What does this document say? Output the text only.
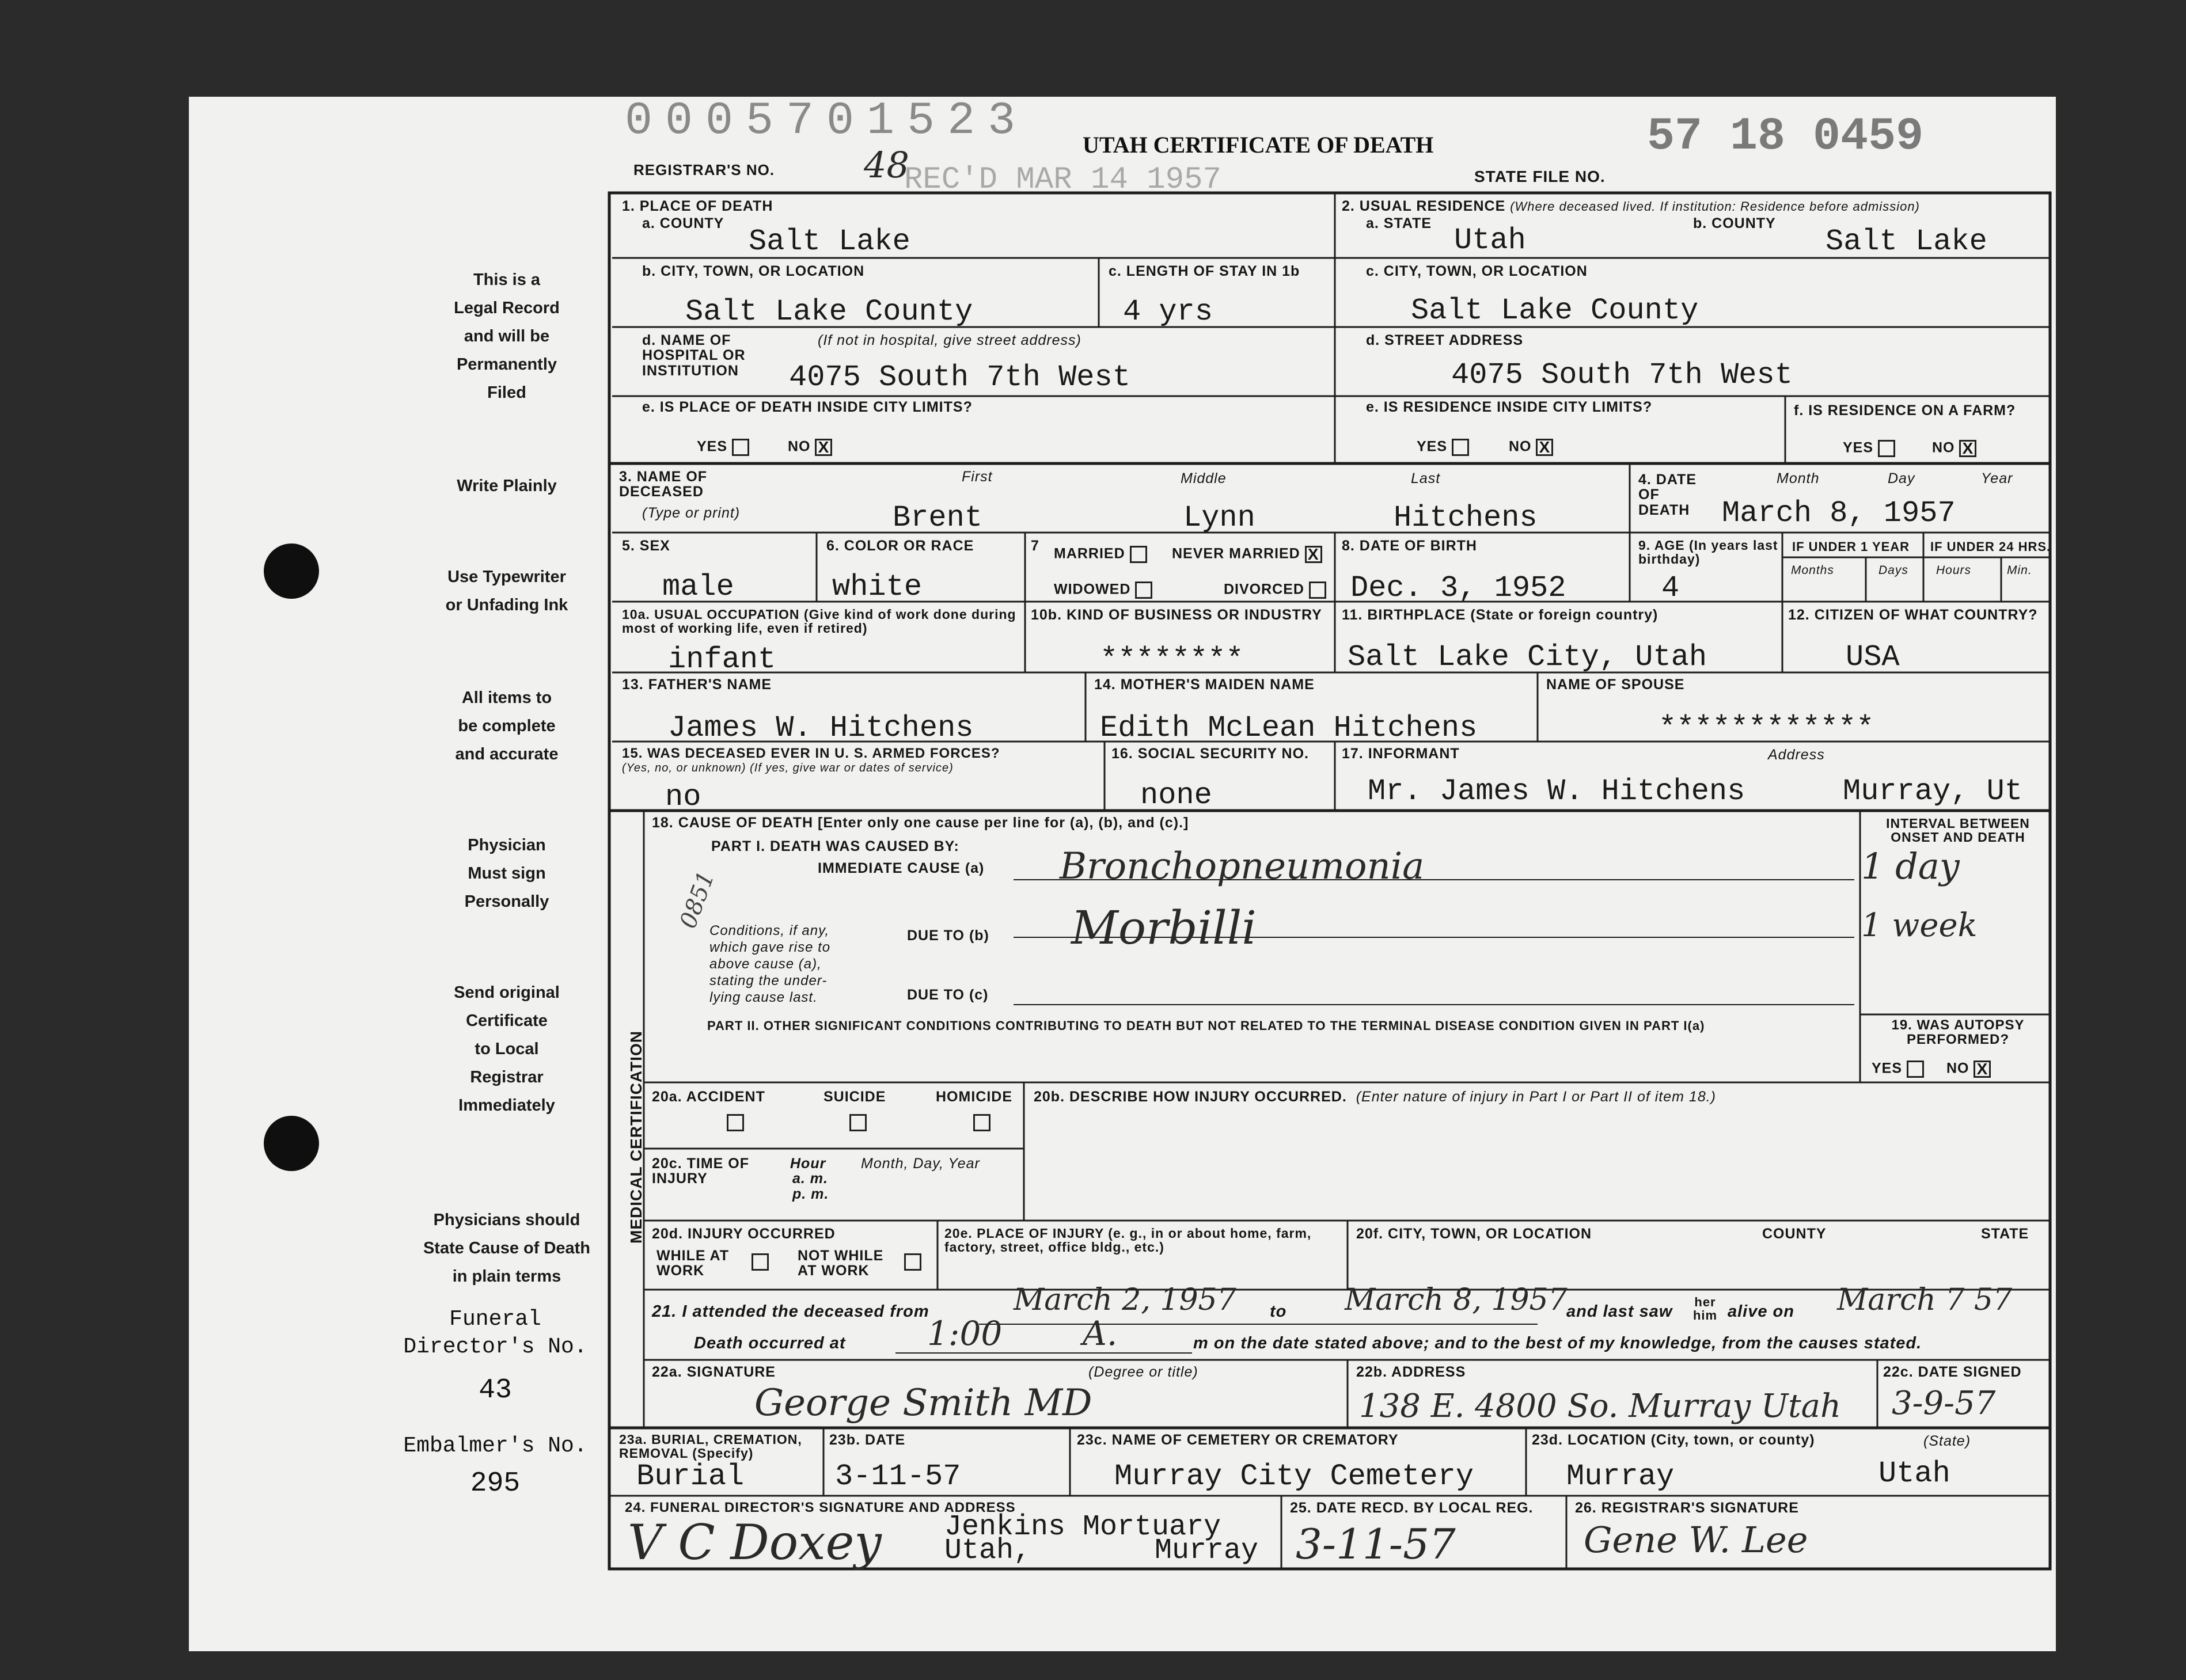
0005701523 UTAH CERTIFICATE OF DEATH	57 18 0459
REGISTRAR'S NO. 48
REC'D MAR 14 1957	STATE FILE NO.
This is a
Legal Record
and will be
Permanently
Filed
Write Plainly
Use Typewriter
or Unfading Ink
All items to
be complete
and accurate
Physician
Must sign
Personally
Send original
Certificate
to Local
Registrar
Immediately
Physicians should
State Cause of Death
in plain terms
Funeral
Director's No.
43
Embalmer's No.
295
1. PLACE OF DEATH
a. COUNTY
Salt Lake
b. CITY, TOWN, OR LOCATION
Salt Lake County
c. LENGTH OF STAY IN 1b
4 yrs
d. NAME OF HOSPITAL OR INSTITUTION
(If not in hospital, give street address)
4075 South 7th West
e. IS PLACE OF DEATH INSIDE CITY LIMITS?
YES	NO X
2. USUAL RESIDENCE (Where deceased lived. If institution: Residence before admission)
a. STATE Utah	b. COUNTY
Salt Lake
c. CITY, TOWN, OR LOCATION
Salt Lake County
d. STREET ADDRESS
4075 South 7th West
e. IS RESIDENCE INSIDE CITY LIMITS?
YES	NO X
f. IS RESIDENCE ON A FARM?
YES	NO X
3. NAME OF DECEASED
(Type or print)
First	Middle	Last
Brent	Lynn	Hitchens
4. DATE OF DEATH
Month	Day	Year
March 8, 1957
5. SEX
male
6. COLOR OR RACE
white
7 MARRIED	NEVER MARRIED X
WIDOWED	DIVORCED
8. DATE OF BIRTH
Dec. 3, 1952
9. AGE (In years last birthday)
4
IF UNDER 1 YEAR IF UNDER 24 HRS.
Months	Days Hours	Min.
10a. USUAL OCCUPATION (Give kind of work done during most of working life, even if retired)
infant
10b. KIND OF BUSINESS OR INDUSTRY
********
11. BIRTHPLACE (State or foreign country)
Salt Lake City, Utah
12. CITIZEN OF WHAT COUNTRY?
USA
13. FATHER'S NAME
James W. Hitchens
14. MOTHER'S MAIDEN NAME
Edith McLean Hitchens
NAME OF SPOUSE
************
15. WAS DECEASED EVER IN U. S. ARMED FORCES?
(Yes, no, or unknown) (If yes, give war or dates of service)
no
16. SOCIAL SECURITY NO.
none
17. INFORMANT	Address
Mr. James W. Hitchens	Murray, Ut
MEDICAL CERTIFICATION
18. CAUSE OF DEATH [Enter only one cause per line for (a), (b), and (c).]
PART I. DEATH WAS CAUSED BY:
IMMEDIATE CAUSE (a) Bronchopneumonia
0851
Conditions, if any,
which gave rise to
above cause (a),
stating the under-
lying cause last.
DUE TO (b) Morbilli
DUE TO (c)
INTERVAL BETWEEN ONSET AND DEATH
1 day
1 week
PART II. OTHER SIGNIFICANT CONDITIONS CONTRIBUTING TO DEATH BUT NOT RELATED TO THE TERMINAL DISEASE CONDITION GIVEN IN PART I(a)	19. WAS AUTOPSY PERFORMED?
YES	NO X
20a. ACCIDENT	SUICIDE	HOMICIDE 20b. DESCRIBE HOW INJURY OCCURRED. (Enter nature of injury in Part I or Part II of item 18.)
20c. TIME OF INJURY
Hour
a. m.
p. m.
Month, Day, Year
20d. INJURY OCCURRED
WHILE AT WORK
NOT WHILE AT WORK
20e. PLACE OF INJURY (e. g., in or about home, farm, factory, street, office bldg., etc.)
20f. CITY, TOWN, OR LOCATION	COUNTY	STATE
21. I attended the deceased from	March 2, 1957 to March 8, 1957
and last saw
her him alive on March 7 57
Death occurred at 1:00 A.	m on the date stated above; and to the best of my knowledge, from the causes stated.
22a. SIGNATURE	(Degree or title)
George Smith MD
22b. ADDRESS
138 E. 4800 So. Murray Utah
22c. DATE SIGNED
3-9-57
23a. BURIAL, CREMATION, REMOVAL (Specify)
Burial
23b. DATE
3-11-57
23c. NAME OF CEMETERY OR CREMATORY
Murray City Cemetery
23d. LOCATION (City, town, or county)	(State)
Murray	Utah
24. FUNERAL DIRECTOR'S SIGNATURE AND ADDRESS
V C Doxey Jenkins Mortuary
Utah,	Murray
25. DATE RECD. BY LOCAL REG.
3-11-57
26. REGISTRAR'S SIGNATURE
Gene W. Lee
